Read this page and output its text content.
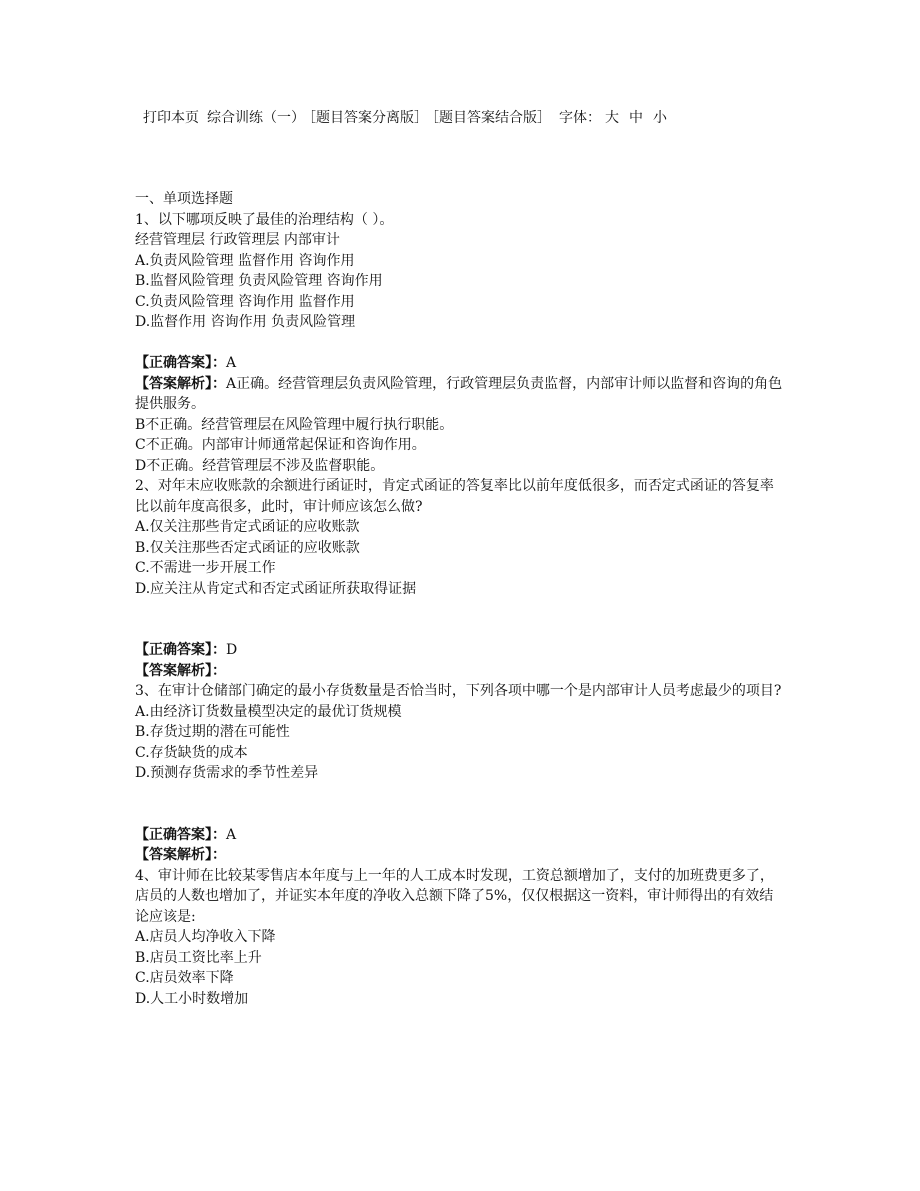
打印本页 综合训练（一） ［题目答案分离版］ ［题目答案结合版］ 字体： 大 中 小
一、单项选择题
1、以下哪项反映了最佳的治理结构（ ）。
经营管理层 行政管理层 内部审计
A.负责风险管理 监督作用 咨询作用
B.监督风险管理 负责风险管理 咨询作用
C.负责风险管理 咨询作用 监督作用
D.监督作用 咨询作用 负责风险管理
【正确答案】：A
【答案解析】：A正确。经营管理层负责风险管理，行政管理层负责监督，内部审计师以监督和咨询的角色提供服务。
B不正确。经营管理层在风险管理中履行执行职能。
C不正确。内部审计师通常起保证和咨询作用。
D不正确。经营管理层不涉及监督职能。
2、对年末应收账款的余额进行函证时，肯定式函证的答复率比以前年度低很多，而否定式函证的答复率比以前年度高很多，此时，审计师应该怎么做?
A.仅关注那些肯定式函证的应收账款
B.仅关注那些否定式函证的应收账款
C.不需进一步开展工作
D.应关注从肯定式和否定式函证所获取得证据
【正确答案】：D
【答案解析】：
3、在审计仓储部门确定的最小存货数量是否恰当时，下列各项中哪一个是内部审计人员考虑最少的项目?
A.由经济订货数量模型决定的最优订货规模
B.存货过期的潜在可能性
C.存货缺货的成本
D.预测存货需求的季节性差异
【正确答案】：A
【答案解析】：
4、审计师在比较某零售店本年度与上一年的人工成本时发现，工资总额增加了，支付的加班费更多了，店员的人数也增加了，并证实本年度的净收入总额下降了5%，仅仅根据这一资料，审计师得出的有效结论应该是:
A.店员人均净收入下降
B.店员工资比率上升
C.店员效率下降
D.人工小时数增加
